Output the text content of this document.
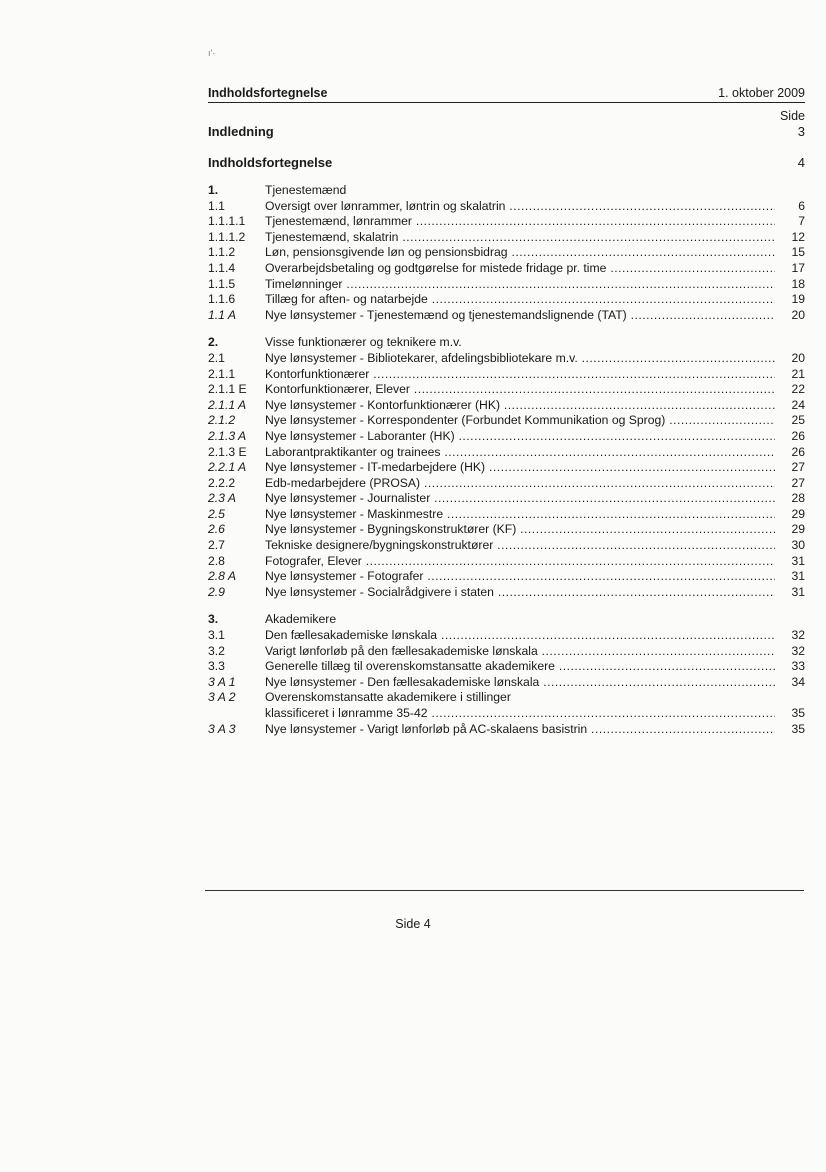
ı'·
Indholdsfortegnelse	1. oktober 2009
Side
Indledning	3
Indholdsfortegnelse	4
1.	Tjenestemænd
1.1	Oversigt over lønrammer, løntrin og skalatrin .....	6
1.1.1.1	Tjenestemænd, lønrammer .....	7
1.1.1.2	Tjenestemænd, skalatrin .....	12
1.1.2	Løn, pensionsgivende løn og pensionsbidrag .....	15
1.1.4	Overarbejdsbetaling og godtgørelse for mistede fridage pr. time .....	17
1.1.5	Timelønninger .....	18
1.1.6	Tillæg for aften- og natarbejde .....	19
1.1 A	Nye lønsystemer - Tjenestemænd og tjenestemandslignende (TAT) .....	20
2.	Visse funktionærer og teknikere m.v.
2.1	Nye lønsystemer - Bibliotekarer, afdelingsbibliotekare m.v. .....	20
2.1.1	Kontorfunktionærer .....	21
2.1.1 E	Kontorfunktionærer, Elever .....	22
2.1.1 A	Nye lønsystemer - Kontorfunktionærer (HK) .....	24
2.1.2	Nye lønsystemer - Korrespondenter (Forbundet Kommunikation og Sprog) .....	25
2.1.3 A	Nye lønsystemer - Laboranter (HK) .....	26
2.1.3 E	Laborantpraktikanter og trainees .....	26
2.2.1 A	Nye lønsystemer - IT-medarbejdere (HK) .....	27
2.2.2	Edb-medarbejdere (PROSA) .....	27
2.3 A	Nye lønsystemer - Journalister .....	28
2.5	Nye lønsystemer - Maskinmestre .....	29
2.6	Nye lønsystemer - Bygningskonstruktører (KF) .....	29
2.7	Tekniske designere/bygningskonstruktører .....	30
2.8	Fotografer, Elever .....	31
2.8 A	Nye lønsystemer - Fotografer .....	31
2.9	Nye lønsystemer - Socialrådgivere i staten .....	31
3.	Akademikere
3.1	Den fællesakademiske lønskala .....	32
3.2	Varigt lønforløb på den fællesakademiske lønskala .....	32
3.3	Generelle tillæg til overenskomstansatte akademikere .....	33
3 A 1	Nye lønsystemer - Den fællesakademiske lønskala .....	34
3 A 2	Overenskomstansatte akademikere i stillinger
klassificeret i lønramme 35-42 .....	35
3 A 3	Nye lønsystemer - Varigt lønforløb på AC-skalaens basistrin .....	35
Side 4
